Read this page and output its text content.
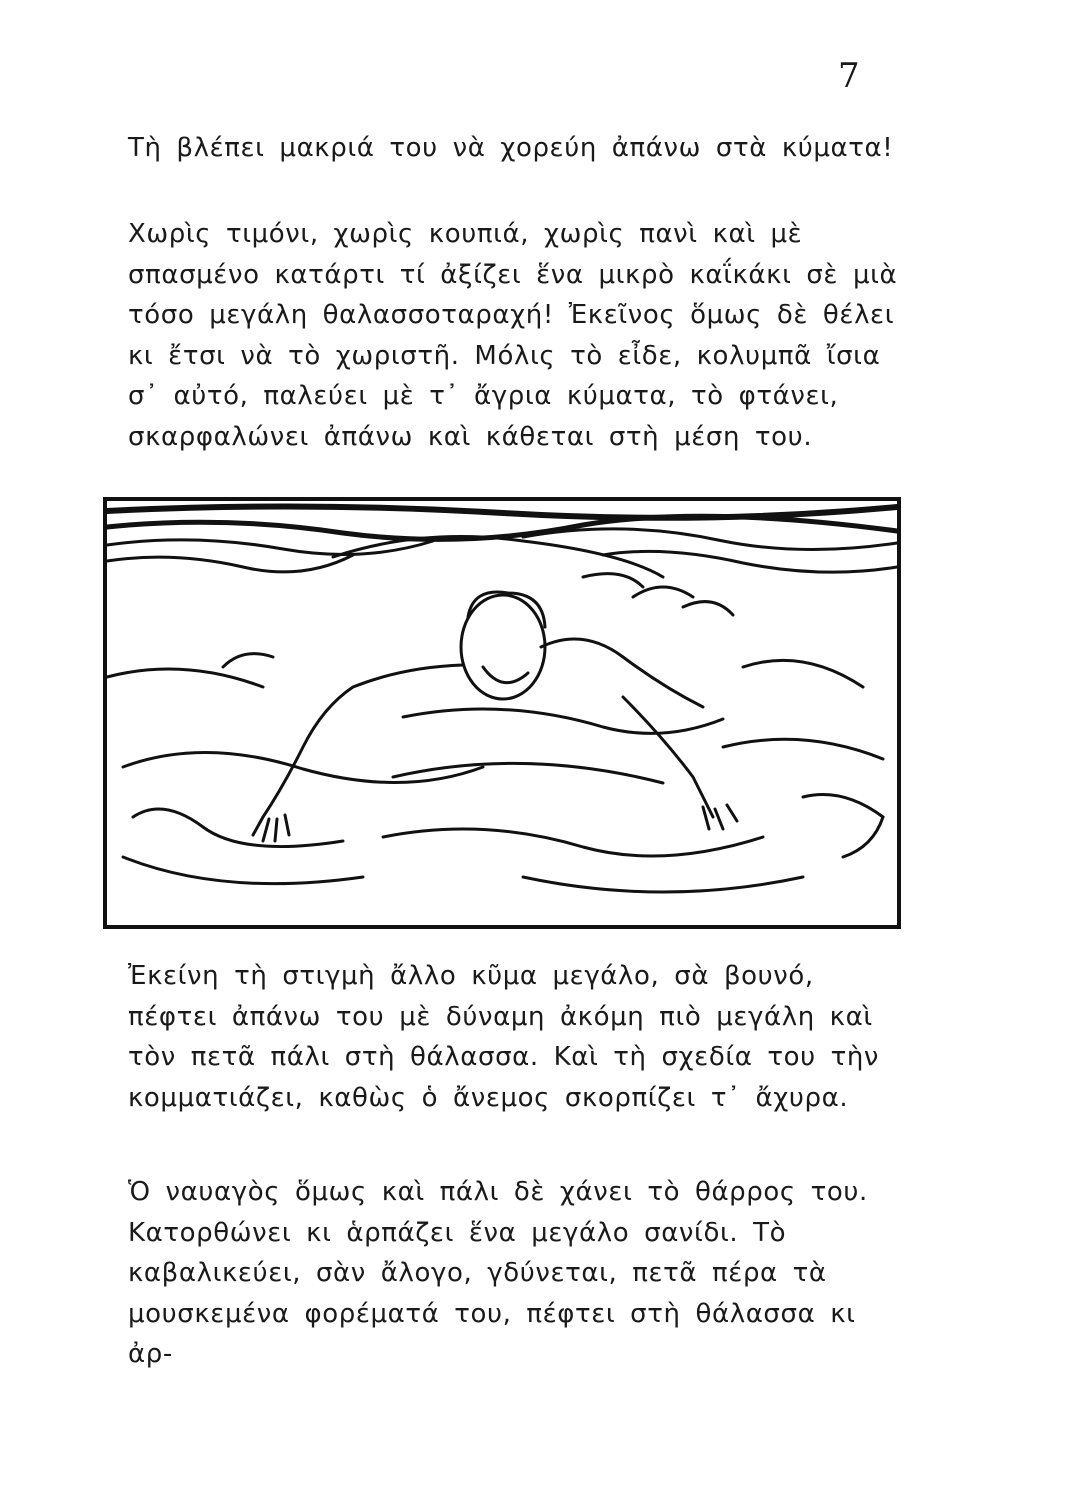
7

Τὴ βλέπει μακριά του νὰ χορεύη ἀπάνω στὰ κύματα!

Χωρὶς τιμόνι, χωρὶς κουπιά, χωρὶς πανὶ καὶ μὲ σπασμένο κατάρτι τί ἀξίζει ἕνα μικρὸ καΐκάκι σὲ μιὰ τόσο μεγάλη θαλασσοταραχή! Ἐκεῖνος ὅμως δὲ θέλει κι ἔτσι νὰ τὸ χωριστῆ. Μόλις τὸ εἶδε, κολυμπᾶ ἴσια σ᾽ αὐτό, παλεύει μὲ τ᾽ ἄγρια κύματα, τὸ φτάνει, σκαρφαλώνει ἀπάνω καὶ κάθεται στὴ μέση του.

Ἐκείνη τὴ στιγμὴ ἄλλο κῦμα μεγάλο, σὰ βουνό, πέφτει ἀπάνω του μὲ δύναμη ἀκόμη πιὸ μεγάλη καὶ τὸν πετᾶ πάλι στὴ θάλασσα. Καὶ τὴ σχεδία του τὴν κομματιάζει, καθὼς ὁ ἄνεμος σκορπίζει τ᾽ ἄχυρα.

Ὁ ναυαγὸς ὅμως καὶ πάλι δὲ χάνει τὸ θάρρος του. Κατορθώνει κι ἁρπάζει ἕνα μεγάλο σανίδι. Τὸ καβαλικεύει, σὰν ἄλογο, γδύνεται, πετᾶ πέρα τὰ μουσκεμένα φορέματά του, πέφτει στὴ θάλασσα κι ἀρ-
